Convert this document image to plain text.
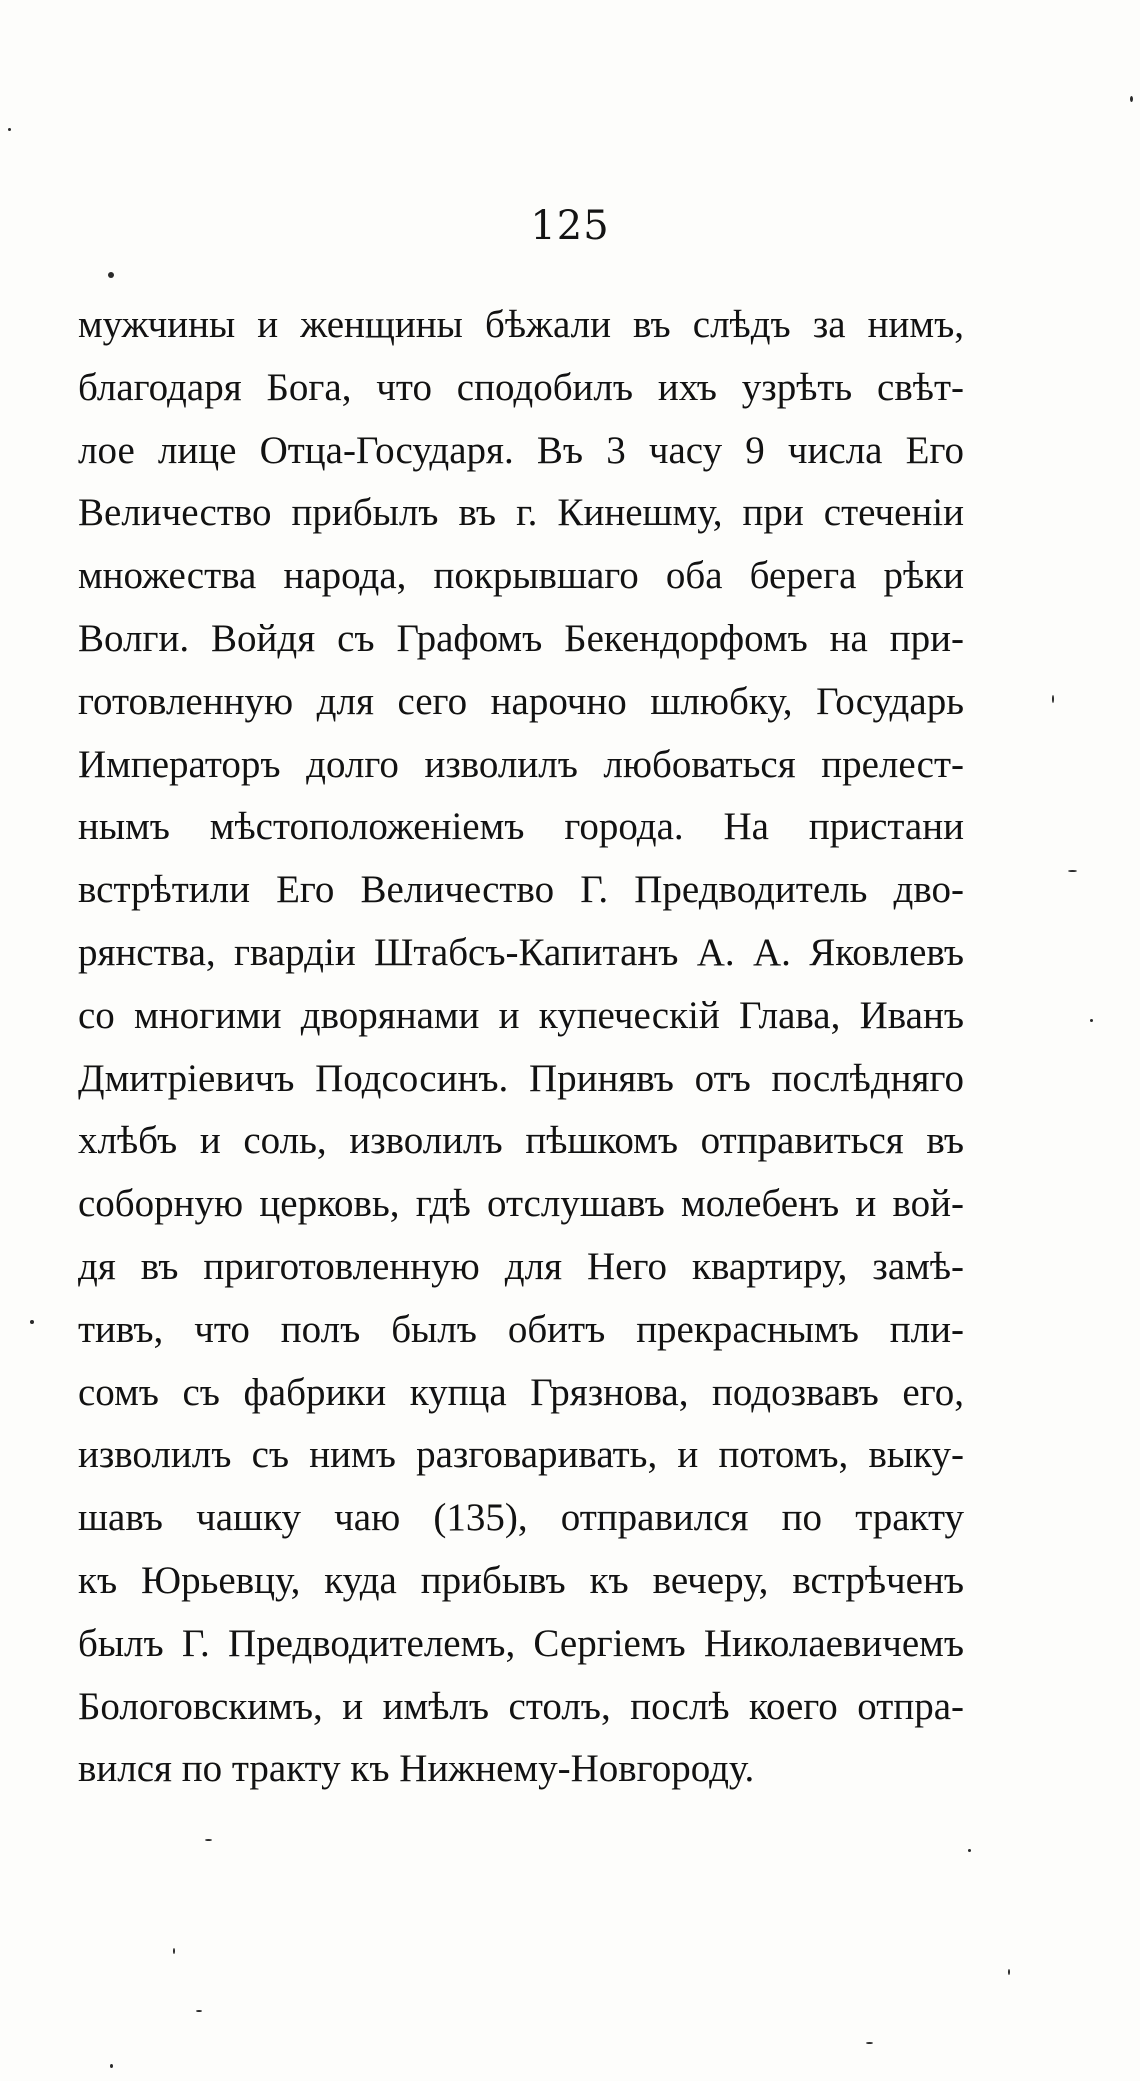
125
мужчины и женщины бѣжали въ слѣдъ за нимъ,
благодаря Бога, что сподобилъ ихъ узрѣть свѣт-
лое лице Отца-Государя. Въ 3 часу 9 числа Его
Величество прибылъ въ г. Кинешму, при стеченіи
множества народа, покрывшаго оба берега рѣки
Волги. Войдя съ Графомъ Бекендорфомъ на при-
готовленную для сего нарочно шлюбку, Государь
Императоръ долго изволилъ любоваться прелест-
нымъ мѣстоположеніемъ города. На пристани
встрѣтили Его Величество Г. Предводитель дво-
рянства, гвардіи Штабсъ-Капитанъ А. А. Яковлевъ
со многими дворянами и купеческій Глава, Иванъ
Дмитріевичъ Подсосинъ. Принявъ отъ послѣдняго
хлѣбъ и соль, изволилъ пѣшкомъ отправиться въ
соборную церковь, гдѣ отслушавъ молебенъ и вой-
дя въ приготовленную для Него квартиру, замѣ-
тивъ, что полъ былъ обитъ прекраснымъ пли-
сомъ съ фабрики купца Грязнова, подозвавъ его,
изволилъ съ нимъ разговаривать, и потомъ, выку-
шавъ чашку чаю (135), отправился по тракту
къ Юрьевцу, куда прибывъ къ вечеру, встрѣченъ
былъ Г. Предводителемъ, Сергіемъ Николаевичемъ
Бологовскимъ, и имѣлъ столъ, послѣ коего отпра-
вился по тракту къ Нижнему-Новгороду.
